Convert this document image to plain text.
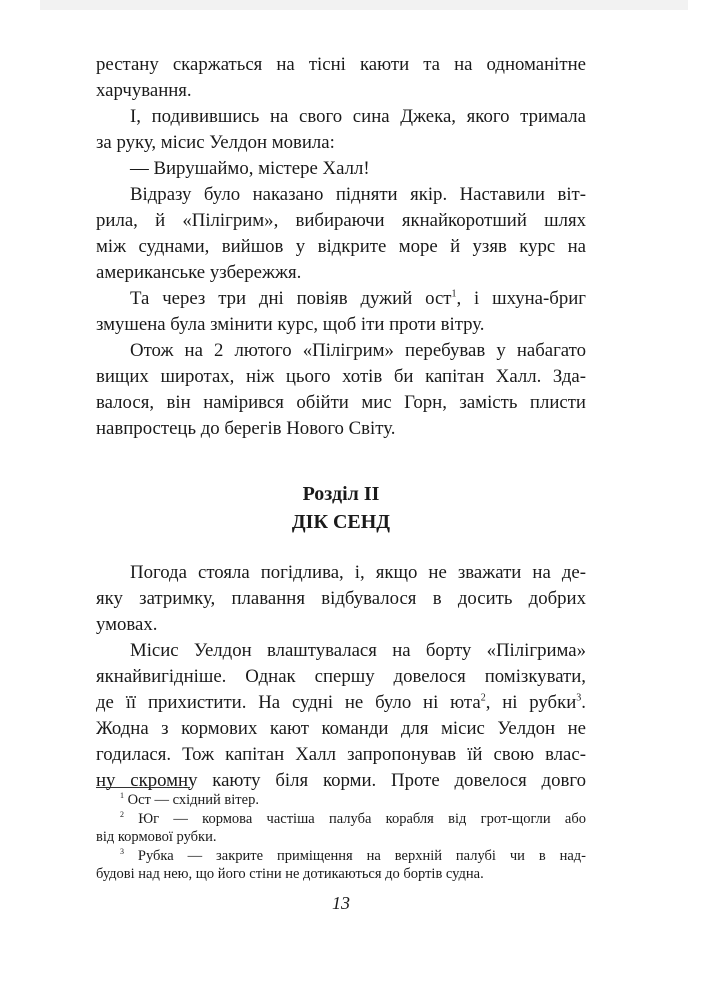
рестану скаржаться на тісні каюти та на одноманітне
харчування.
І, подивившись на свого сина Джека, якого тримала
за руку, місис Уелдон мовила:
— Вирушаймо, містере Халл!
Відразу було наказано підняти якір. Наставили віт-
рила, й «Пілігрим», вибираючи якнайкоротший шлях
між суднами, вийшов у відкрите море й узяв курс на
американське узбережжя.
Та через три дні повіяв дужий ост$^1$, і шхуна-бриг
змушена була змінити курс, щоб іти проти вітру.
Отож на 2 лютого «Пілігрим» перебував у набагато
вищих широтах, ніж цього хотів би капітан Халл. Зда-
валося, він намірився обійти мис Горн, замість плисти
навпростець до берегів Нового Світу.
Розділ II
ДІК СЕНД
Погода стояла погідлива, і, якщо не зважати на де-
яку затримку, плавання відбувалося в досить добрих
умовах.
Місис Уелдон влаштувалася на борту «Пілігрима»
якнайвигідніше. Однак спершу довелося помізкувати,
де її прихистити. На судні не було ні юта$^2$, ні рубки$^3$.
Жодна з кормових кают команди для місис Уелдон не
годилася. Тож капітан Халл запропонував їй свою влас-
ну скромну каюту біля корми. Проте довелося довго
$^1$ Ост — східний вітер.
$^2$ Юг — кормова частіша палуба корабля від грот-щогли або
від кормової рубки.
$^3$ Рубка — закрите приміщення на верхній палубі чи в над-
будові над нею, що його стіни не дотикаються до бортів судна.
13
